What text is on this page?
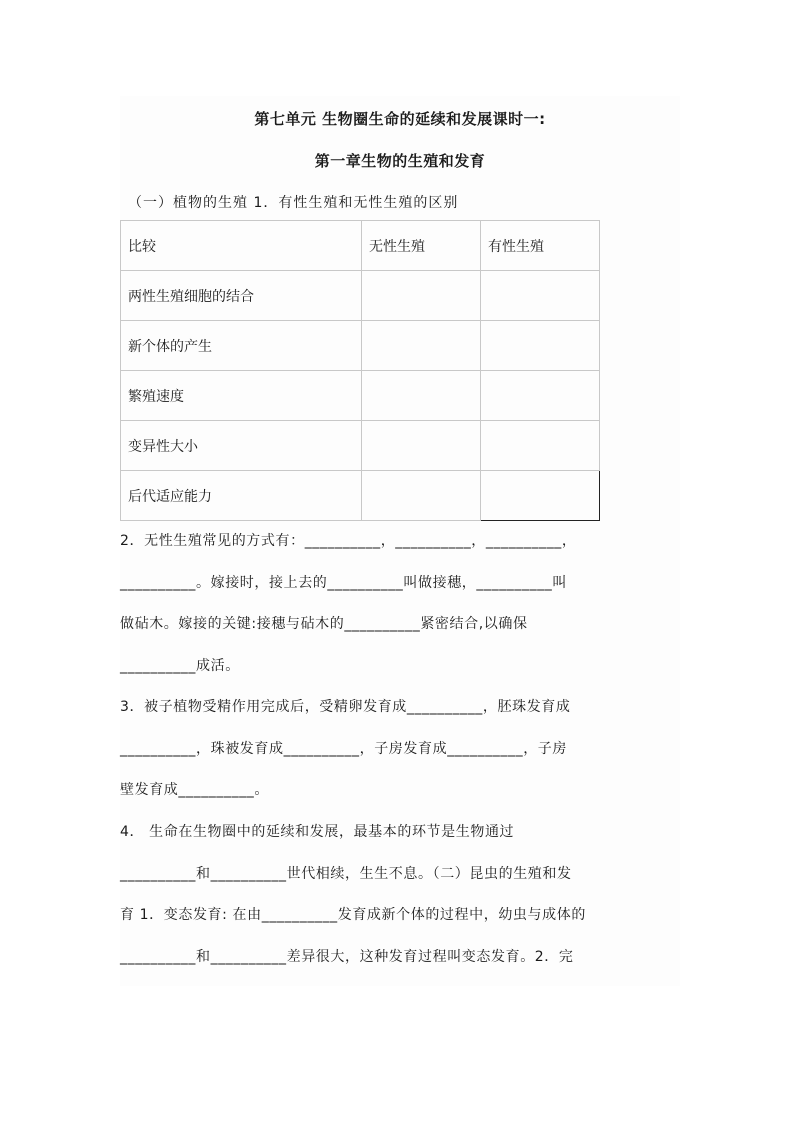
第七单元 生物圈生命的延续和发展课时一:
第一章生物的生殖和发育
（一）植物的生殖 1．有性生殖和无性生殖的区别
比较	无性生殖	有性生殖
两性生殖细胞的结合		
新个体的产生		
繁殖速度		
变异性大小		
后代适应能力		
2．无性生殖常见的方式有：__________，__________，__________，
__________。嫁接时，接上去的__________叫做接穗，__________叫
做砧木。嫁接的关键:接穗与砧木的__________紧密结合,以确保
__________成活。
3．被子植物受精作用完成后，受精卵发育成__________，胚珠发育成
__________，珠被发育成__________，子房发育成__________，子房
壁发育成__________。
4． 生命在生物圈中的延续和发展，最基本的环节是生物通过
__________和__________世代相续，生生不息。（二）昆虫的生殖和发
育 1．变态发育: 在由__________发育成新个体的过程中，幼虫与成体的
__________和__________差异很大，这种发育过程叫变态发育。2．完
